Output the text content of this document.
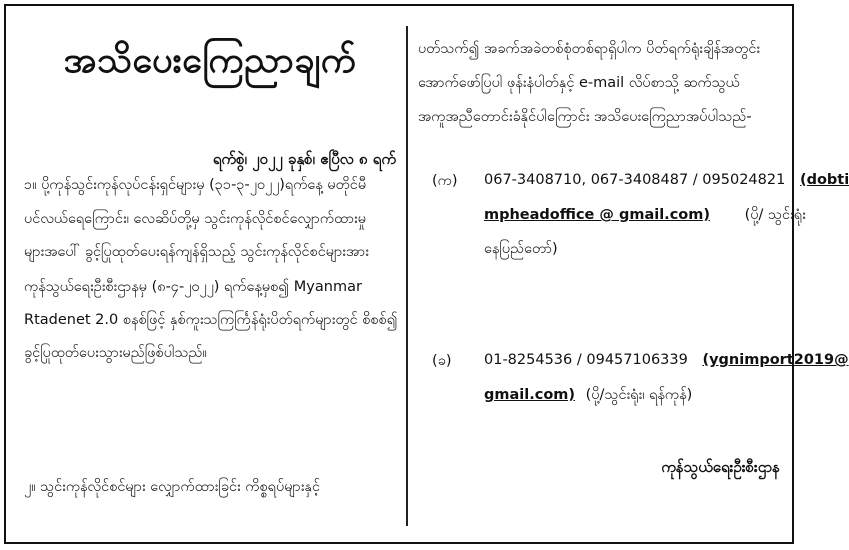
အသိပေးကြေညာချက်
ရက်စွဲ၊ ၂၀၂၂ ခုနှစ်၊ ဧပြီလ ၈ ရက်
၁။ ပို့ကုန်သွင်းကုန်လုပ်ငန်းရှင်များမှ (၃၁-၃-၂၀၂၂)ရက်နေ့ မတိုင်မီ
ပင်လယ်ရေကြောင်း၊ လေဆိပ်တို့မှ သွင်းကုန်လိုင်စင်လျှောက်ထားမှု
များအပေါ် ခွင့်ပြုထုတ်ပေးရန်ကျန်ရှိသည့် သွင်းကုန်လိုင်စင်များအား
ကုန်သွယ်ရေးဦးစီးဌာနမှ (၈-၄-၂၀၂၂) ရက်နေ့မှစ၍ Myanmar
Rtadenet 2.0 စနစ်ဖြင့် နှစ်ကူးသကြင်္ကြန်ရုံးပိတ်ရက်များတွင် စိစစ်၍
ခွင့်ပြုထုတ်ပေးသွားမည်ဖြစ်ပါသည်။
၂။ သွင်းကုန်လိုင်စင်များ လျှောက်ထားခြင်း ကိစ္စရပ်များနှင့်
ပတ်သက်၍ အခက်အခဲတစ်စုံတစ်ရာရှိပါက ပိတ်ရက်ရုံးချိန်အတွင်း
အောက်ဖော်ပြပါ ဖုန်းနံပါတ်နှင့် e-mail လိပ်စာသို့ ဆက်သွယ်
အကူအညီတောင်းခံနိုင်ပါကြောင်း အသိပေးကြေညာအပ်ပါသည်-
(က) 067-3408710, 067-3408487 / 095024821 (dobti
mpheadoffice @ gmail.com) (ပို့/ သွင်းရုံး
နေပြည်တော်)
(ခ) 01-8254536 / 09457106339 (ygnimport2019@
gmail.com) (ပို့/သွင်းရုံး၊ ရန်ကုန်)
ကုန်သွယ်ရေးဦးစီးဌာန
